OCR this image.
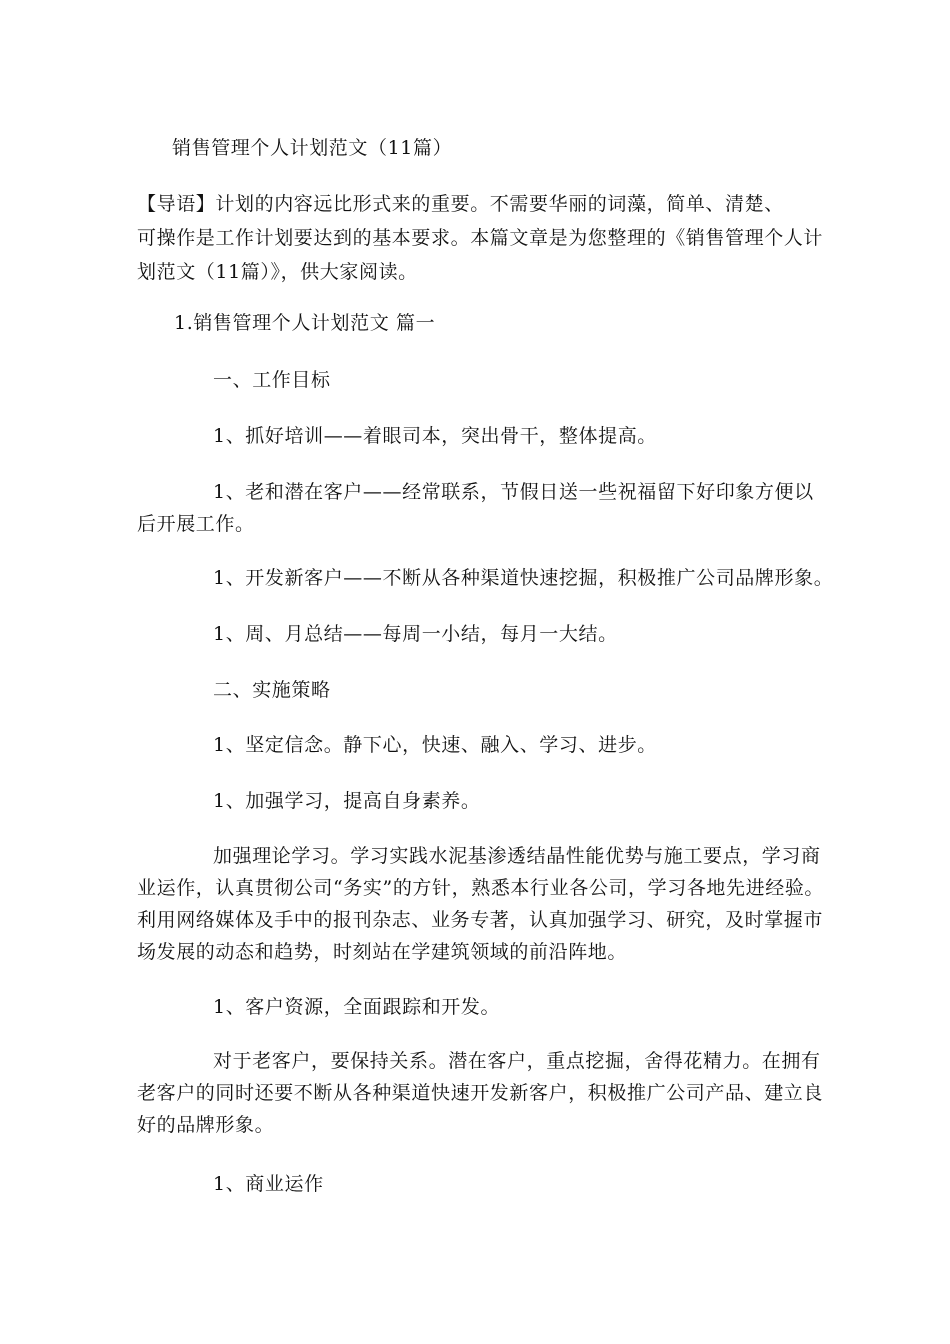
销售管理个人计划范文（11篇）

【导语】计划的内容远比形式来的重要。不需要华丽的词藻，简单、清楚、

可操作是工作计划要达到的基本要求。本篇文章是为您整理的《销售管理个人计

划范文（11篇）》，供大家阅读。

1.销售管理个人计划范文 篇一
一、工作目标
1、抓好培训——着眼司本，突出骨干，整体提高。
1、老和潜在客户——经常联系，节假日送一些祝福留下好印象方便以
后开展工作。
1、开发新客户——不断从各种渠道快速挖掘，积极推广公司品牌形象。
1、周、月总结——每周一小结，每月一大结。
二、实施策略
1、坚定信念。静下心，快速、融入、学习、进步。
1、加强学习，提高自身素养。

加强理论学习。学习实践水泥基渗透结晶性能优势与施工要点，学习商

业运作，认真贯彻公司“务实”的方针，熟悉本行业各公司，学习各地先进经验。

利用网络媒体及手中的报刊杂志、业务专著，认真加强学习、研究，及时掌握市

场发展的动态和趋势，时刻站在学建筑领域的前沿阵地。

1、客户资源，全面跟踪和开发。

对于老客户，要保持关系。潜在客户，重点挖掘，舍得花精力。在拥有

老客户的同时还要不断从各种渠道快速开发新客户，积极推广公司产品、建立良

好的品牌形象。

1、商业运作
